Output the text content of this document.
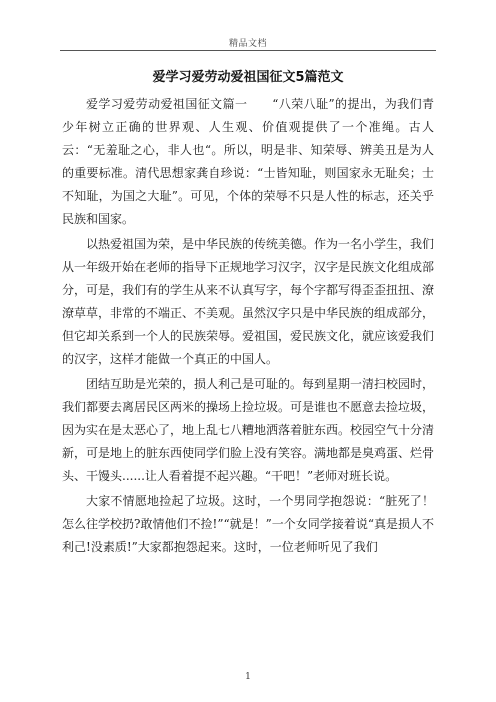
精品文档
爱学习爱劳动爱祖国征文5篇范文

爱学习爱劳动爱祖国征文篇一　　“八荣八耻”的提出，为我们青少年树立正确的世界观、人生观、价值观提供了一个准绳。古人云：“无羞耻之心，非人也“。所以，明是非、知荣辱、辨美丑是为人的重要标准。清代思想家龚自珍说：“士皆知耻，则国家永无耻矣；士不知耻，为国之大耻”。可见，个体的荣辱不只是人性的标志，还关乎民族和国家。

以热爱祖国为荣，是中华民族的传统美德。作为一名小学生，我们从一年级开始在老师的指导下正规地学习汉字，汉字是民族文化组成部分，可是，我们有的学生从来不认真写字，每个字都写得歪歪扭扭、潦潦草草，非常的不端正、不美观。虽然汉字只是中华民族的组成部分，但它却关系到一个人的民族荣辱。爱祖国，爱民族文化，就应该爱我们的汉字，这样才能做一个真正的中国人。

团结互助是光荣的，损人利己是可耻的。每到星期一清扫校园时，我们都要去离居民区两米的操场上捡垃圾。可是谁也不愿意去捡垃圾，因为实在是太恶心了，地上乱七八糟地洒落着脏东西。校园空气十分清新，可是地上的脏东西使同学们脸上没有笑容。满地都是臭鸡蛋、烂骨头、干馒头......让人看着提不起兴趣。“干吧！”老师对班长说。

大家不情愿地捡起了垃圾。这时，一个男同学抱怨说：“脏死了！怎么往学校扔?敢情他们不捡!”“就是！”一个女同学接着说“真是损人不利己!没素质!”大家都抱怨起来。这时，一位老师听见了我们

1
